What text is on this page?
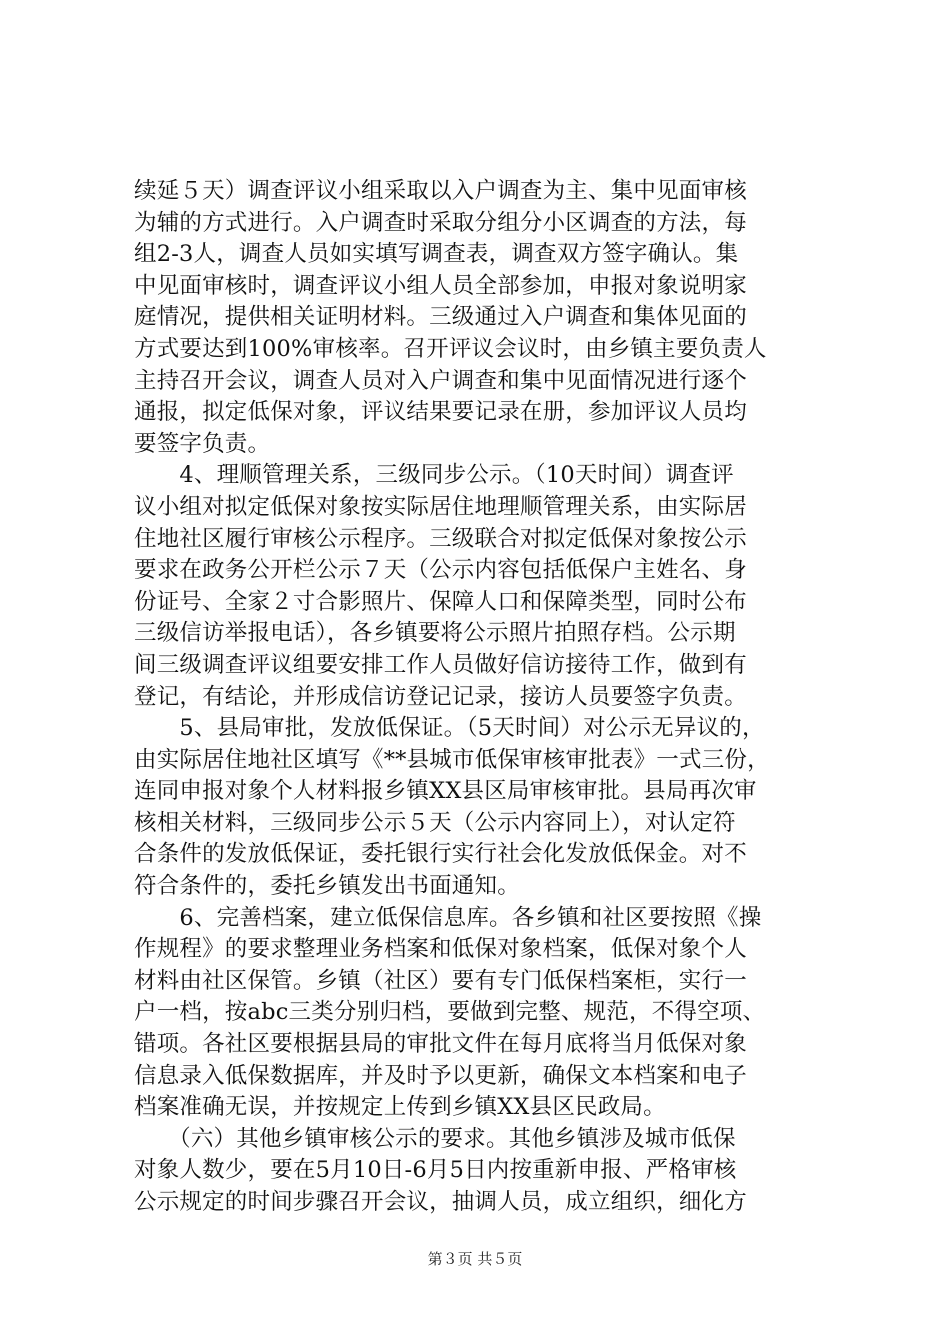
续延５天）调查评议小组采取以入户调查为主、集中见面审核
为辅的方式进行。入户调查时采取分组分小区调查的方法，每
组2-3人，调查人员如实填写调查表，调查双方签字确认。集
中见面审核时，调查评议小组人员全部参加，申报对象说明家
庭情况，提供相关证明材料。三级通过入户调查和集体见面的
方式要达到100%审核率。召开评议会议时，由乡镇主要负责人
主持召开会议，调查人员对入户调查和集中见面情况进行逐个
通报，拟定低保对象，评议结果要记录在册，参加评议人员均
要签字负责。
　　4、理顺管理关系，三级同步公示。（10天时间）调查评
议小组对拟定低保对象按实际居住地理顺管理关系，由实际居
住地社区履行审核公示程序。三级联合对拟定低保对象按公示
要求在政务公开栏公示７天（公示内容包括低保户主姓名、身
份证号、全家２寸合影照片、保障人口和保障类型，同时公布
三级信访举报电话），各乡镇要将公示照片拍照存档。公示期
间三级调查评议组要安排工作人员做好信访接待工作，做到有
登记，有结论，并形成信访登记记录，接访人员要签字负责。
　　5、县局审批，发放低保证。（5天时间）对公示无异议的，
由实际居住地社区填写《**县城市低保审核审批表》一式三份，
连同申报对象个人材料报乡镇XX县区局审核审批。县局再次审
核相关材料，三级同步公示５天（公示内容同上），对认定符
合条件的发放低保证，委托银行实行社会化发放低保金。对不
符合条件的，委托乡镇发出书面通知。
　　6、完善档案，建立低保信息库。各乡镇和社区要按照《操
作规程》的要求整理业务档案和低保对象档案，低保对象个人
材料由社区保管。乡镇（社区）要有专门低保档案柜，实行一
户一档，按abc三类分别归档，要做到完整、规范，不得空项、
错项。各社区要根据县局的审批文件在每月底将当月低保对象
信息录入低保数据库，并及时予以更新，确保文本档案和电子
档案准确无误，并按规定上传到乡镇XX县区民政局。
　　（六）其他乡镇审核公示的要求。其他乡镇涉及城市低保
对象人数少，要在5月10日-6月5日内按重新申报、严格审核
公示规定的时间步骤召开会议，抽调人员，成立组织，细化方
第３页 共５页
